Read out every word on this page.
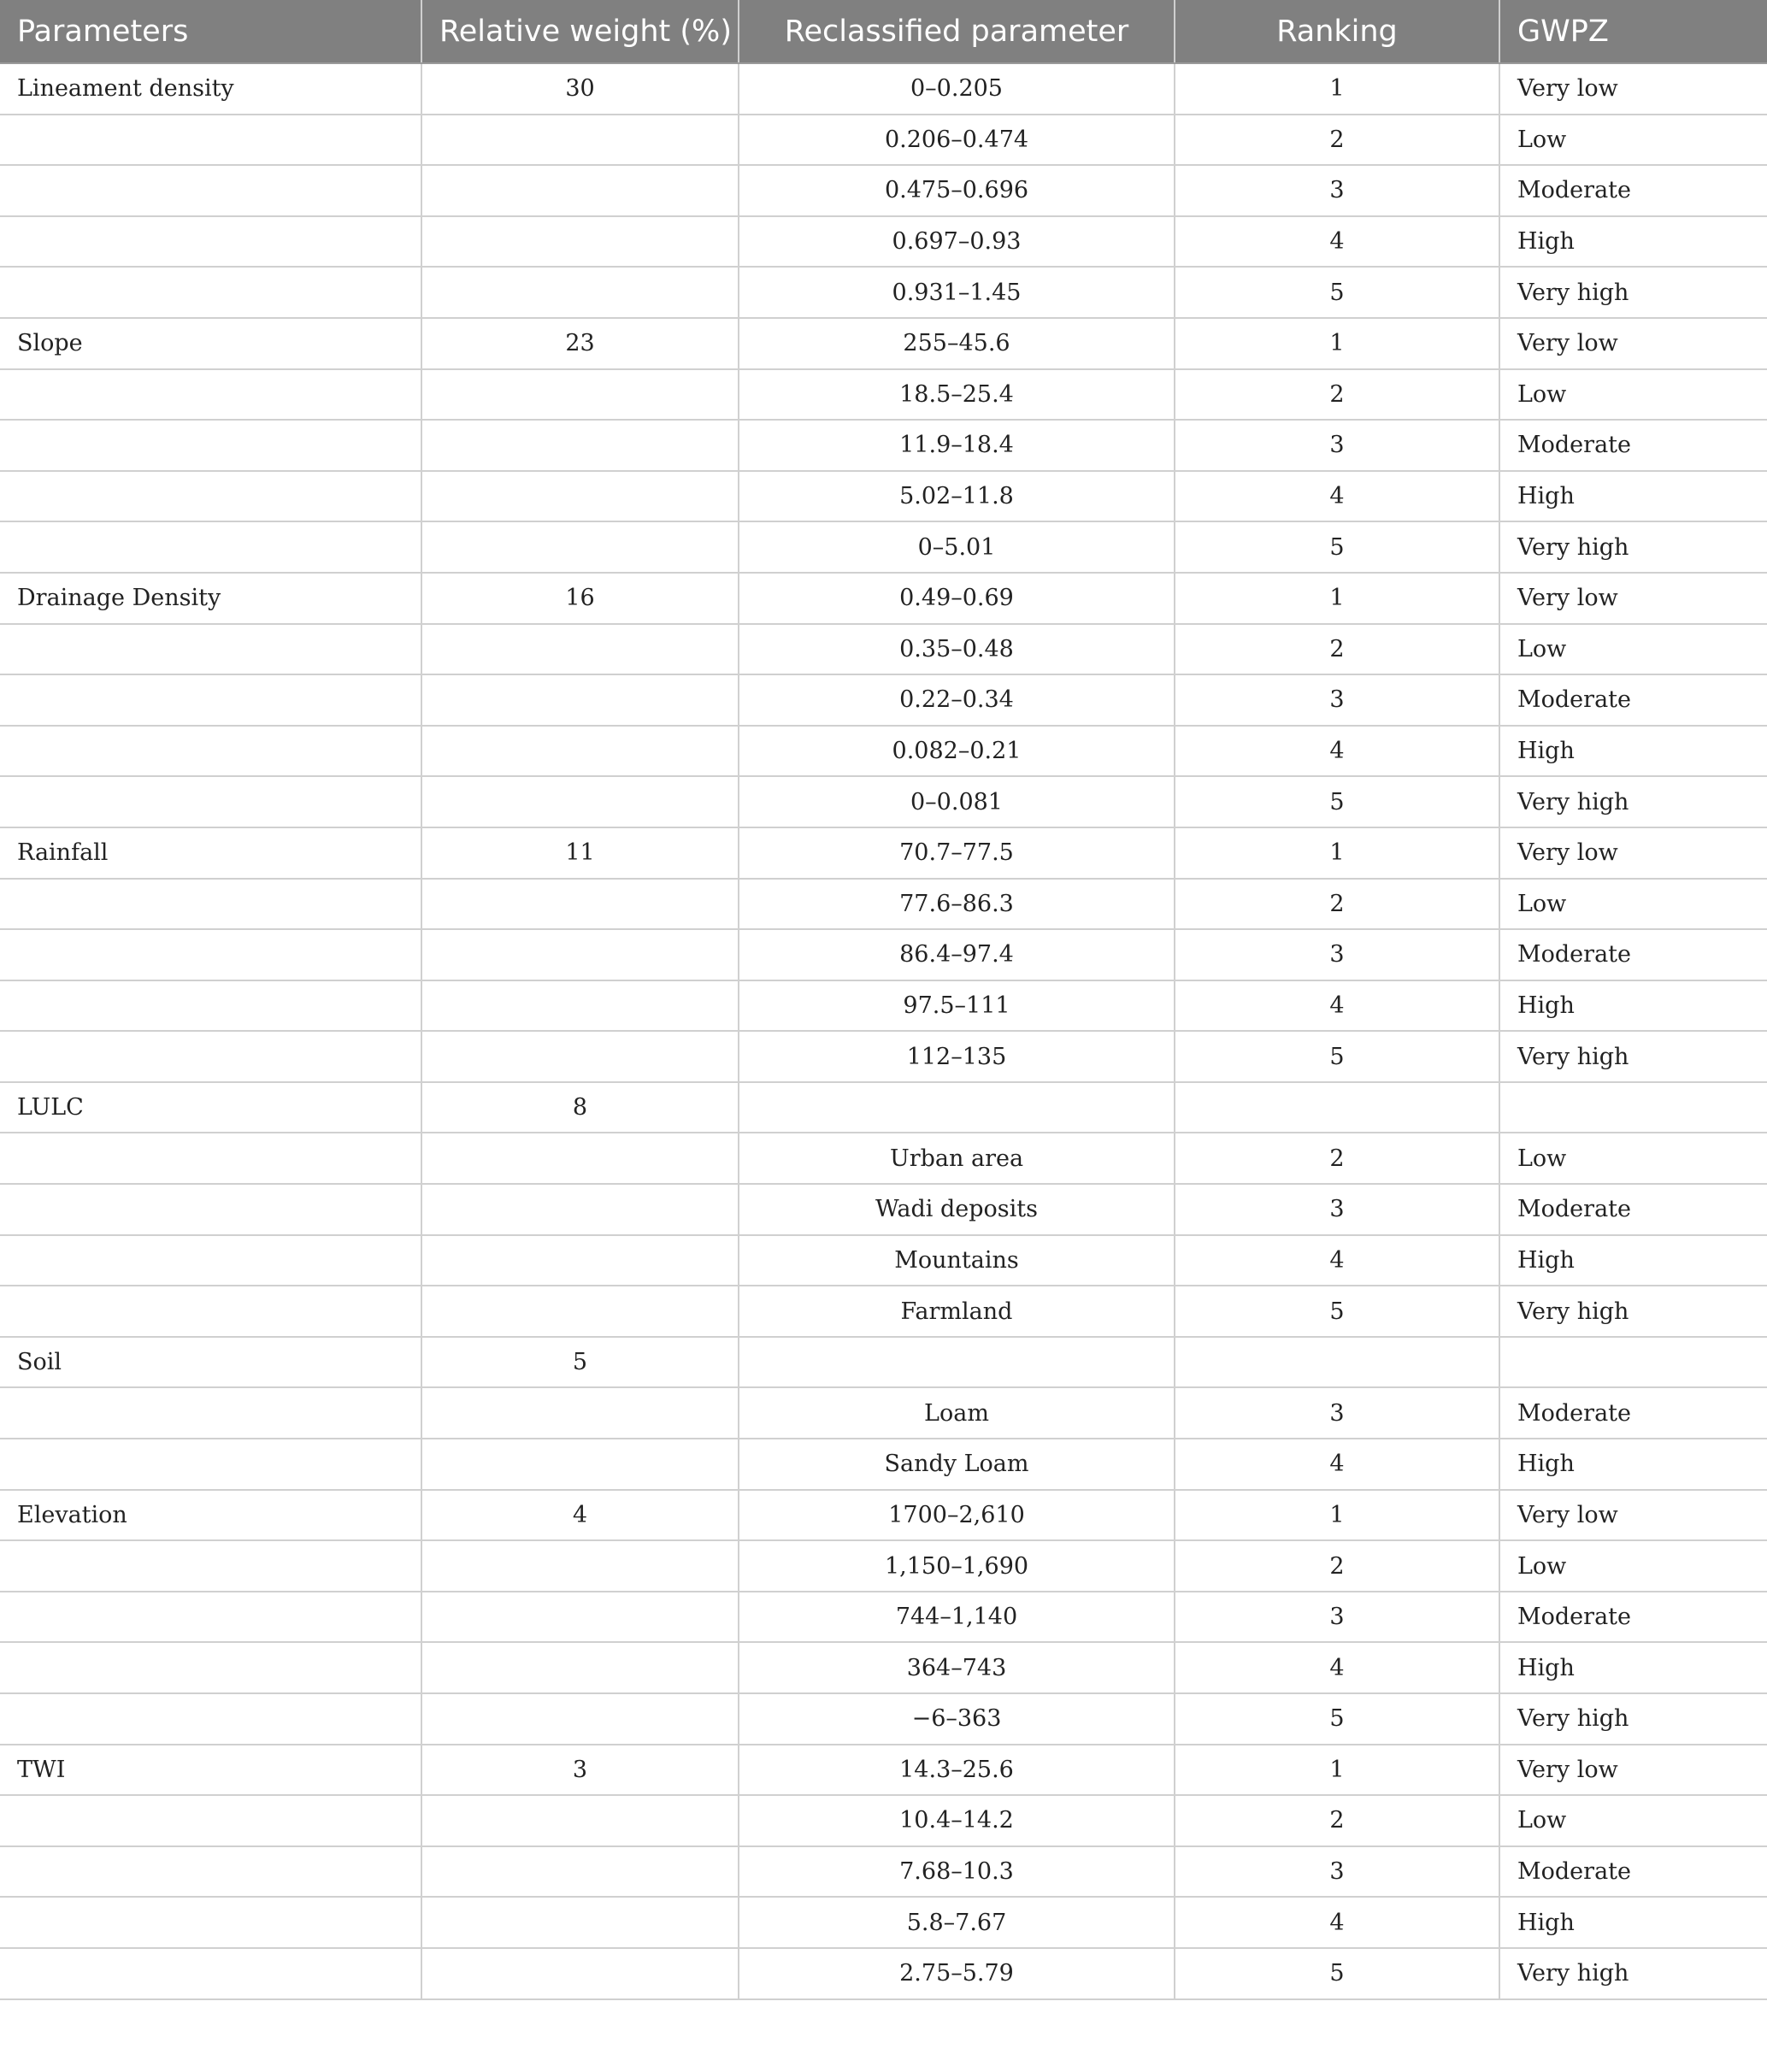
Parameters	Relative weight (%)	Reclassified parameter	Ranking	GWPZ
Lineament density	30	0–0.205	1	Very low
		0.206–0.474	2	Low
		0.475–0.696	3	Moderate
		0.697–0.93	4	High
		0.931–1.45	5	Very high
Slope	23	255–45.6	1	Very low
		18.5–25.4	2	Low
		11.9–18.4	3	Moderate
		5.02–11.8	4	High
		0–5.01	5	Very high
Drainage Density	16	0.49–0.69	1	Very low
		0.35–0.48	2	Low
		0.22–0.34	3	Moderate
		0.082–0.21	4	High
		0–0.081	5	Very high
Rainfall	11	70.7–77.5	1	Very low
		77.6–86.3	2	Low
		86.4–97.4	3	Moderate
		97.5–111	4	High
		112–135	5	Very high
LULC	8			
		Urban area	2	Low
		Wadi deposits	3	Moderate
		Mountains	4	High
		Farmland	5	Very high
Soil	5			
		Loam	3	Moderate
		Sandy Loam	4	High
Elevation	4	1700–2,610	1	Very low
		1,150–1,690	2	Low
		744–1,140	3	Moderate
		364–743	4	High
		−6–363	5	Very high
TWI	3	14.3–25.6	1	Very low
		10.4–14.2	2	Low
		7.68–10.3	3	Moderate
		5.8–7.67	4	High
		2.75–5.79	5	Very high
